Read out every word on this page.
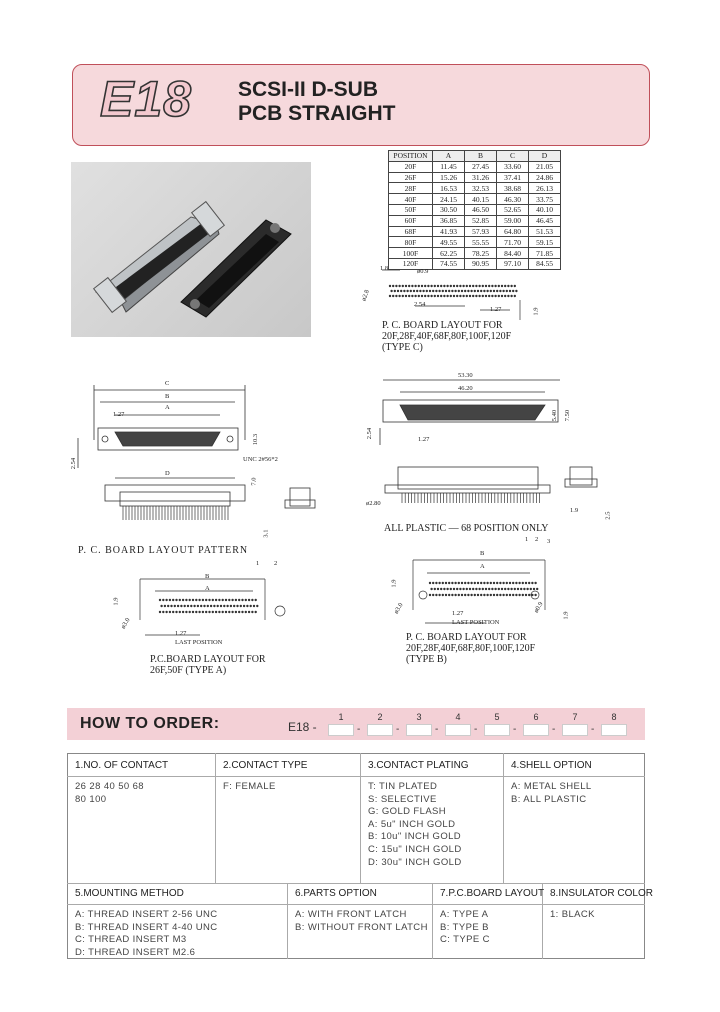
E18 SCSI-II D-SUB
PCB STRAIGHT
POSITION	A	B	C	D
20F	11.45	27.45	33.60	21.05
26F	15.26	31.26	37.41	24.86
28F	16.53	32.53	38.68	26.13
40F	24.15	40.15	46.30	33.75
50F	30.50	46.50	52.65	40.10
60F	36.85	52.85	59.00	46.45
68F	41.93	57.93	64.80	51.53
80F	49.55	55.55	71.70	59.15
100F	62.25	78.25	84.40	71.85
120F	74.55	90.95	97.10	84.55
1.8	ø0.9
2.54
1.27	1.9
ø2.8
P. C. BOARD LAYOUT FOR
20F,28F,40F,68F,80F,100F,120F
(TYPE C)
C
B
A
1.27
2.54
10.3
UNC 2#56*2
D
7.0
3.1
P. C. BOARD LAYOUT PATTERN
53.30
46.20
5.40 7.50
2.54
1.27
ø2.80
1.9
2.5
ALL PLASTIC — 68 POSITION ONLY
B
A
1 2
1.9
ø3.0
1.27
LAST POSITION
P.C.BOARD LAYOUT FOR
26F,50F (TYPE A)
B
A
1 2 3
1.9
ø3.0	1.27
LAST POSITION
ø0.9
1.9
P. C. BOARD LAYOUT FOR
20F,28F,40F,68F,80F,100F,120F
(TYPE B)
HOW TO ORDER:	E18 -
1
-
2
-
3
-
4
-
5
-
6
-
7
-
8
1.NO. OF CONTACT
26 28 40 50 68
80 100
2.CONTACT TYPE
F: FEMALE
3.CONTACT PLATING
T: TIN PLATED
S: SELECTIVE
G: GOLD FLASH
A: 5u" INCH GOLD
B: 10u" INCH GOLD
C: 15u" INCH GOLD
D: 30u" INCH GOLD
4.SHELL OPTION
A: METAL SHELL
B: ALL PLASTIC
5.MOUNTING METHOD
A: THREAD INSERT 2-56 UNC
B: THREAD INSERT 4-40 UNC
C: THREAD INSERT M3
D: THREAD INSERT M2.6
6.PARTS OPTION
A: WITH FRONT LATCH
B: WITHOUT FRONT LATCH
7.P.C.BOARD LAYOUT
A: TYPE A
B: TYPE B
C: TYPE C
8.INSULATOR COLOR
1: BLACK
